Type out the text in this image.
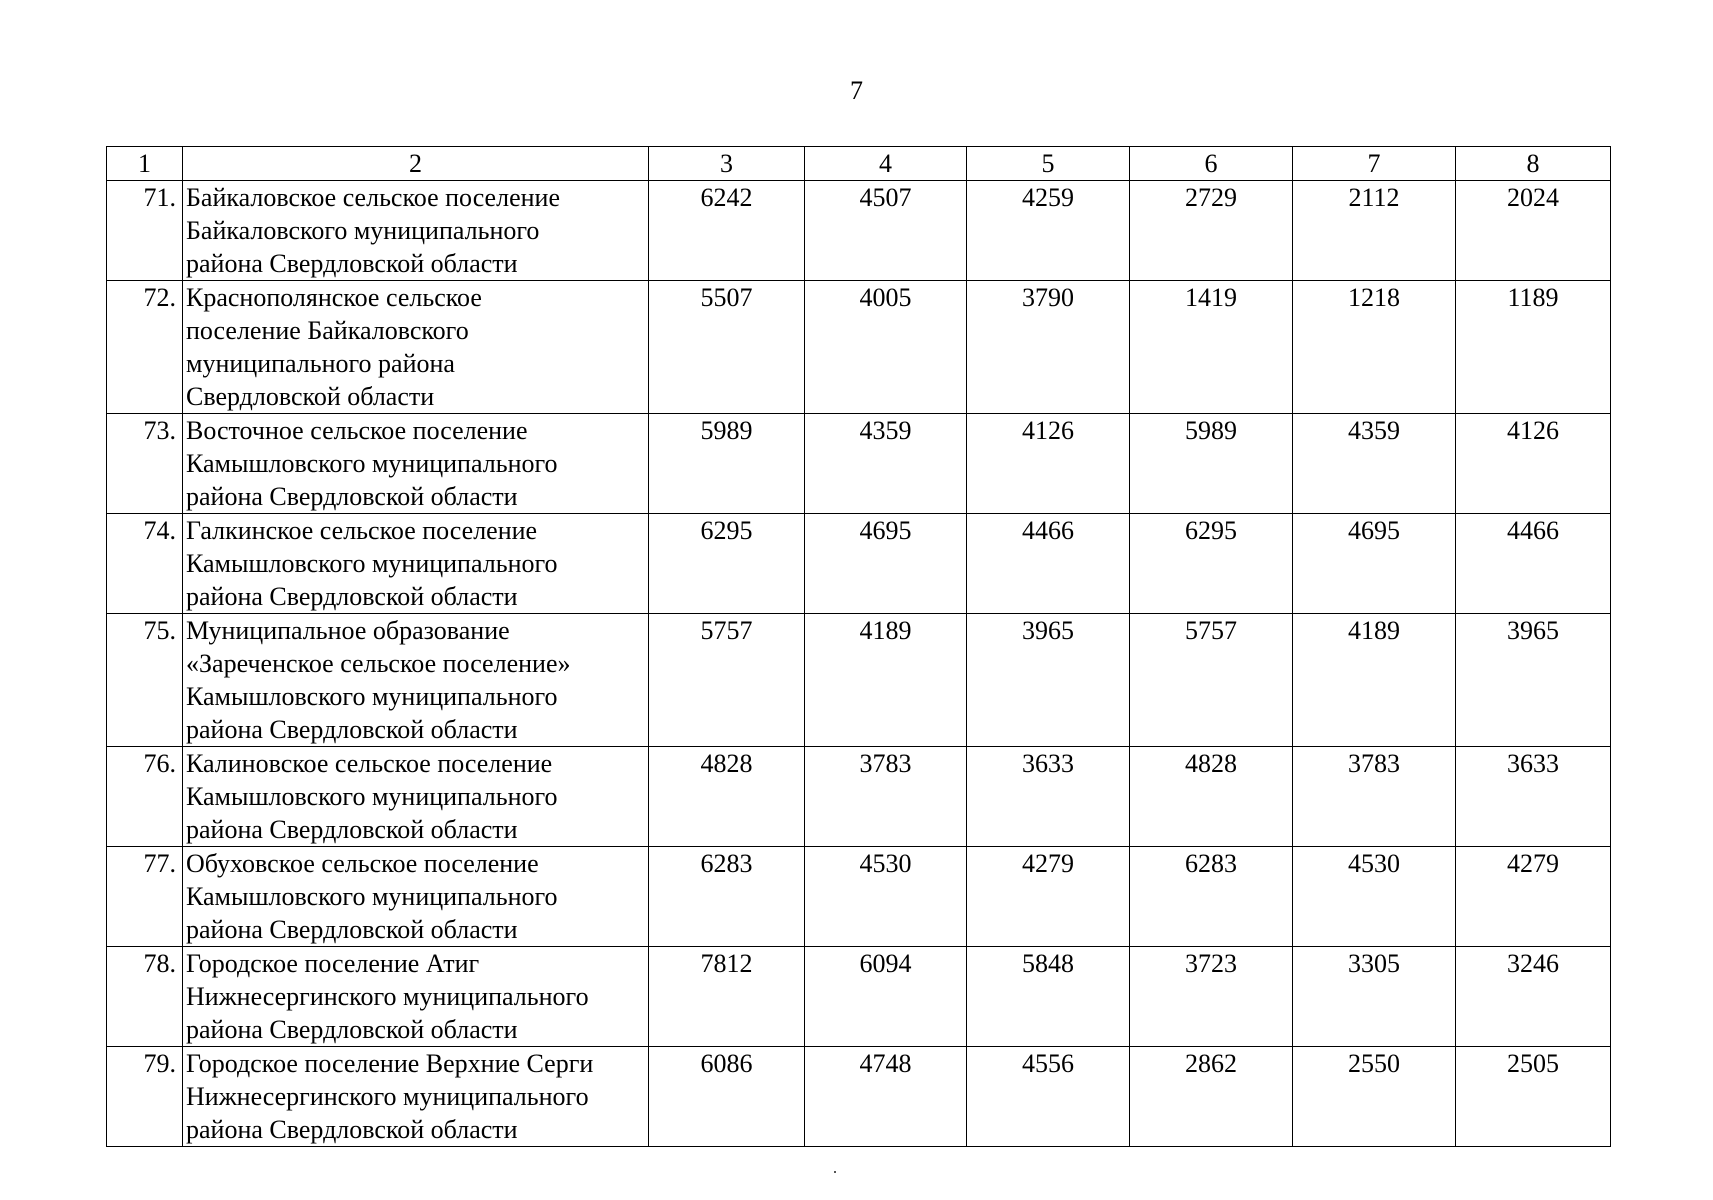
7
1	2	3	4	5	6	7	8
71.	Байкаловское сельское поселение
Байкаловского муниципального
района Свердловской области	6242	4507	4259	2729	2112	2024
72.	Краснополянское сельское
поселение Байкаловского
муниципального района
Свердловской области	5507	4005	3790	1419	1218	1189
73.	Восточное сельское поселение
Камышловского муниципального
района Свердловской области	5989	4359	4126	5989	4359	4126
74.	Галкинское сельское поселение
Камышловского муниципального
района Свердловской области	6295	4695	4466	6295	4695	4466
75.	Муниципальное образование
«Зареченское сельское поселение»
Камышловского муниципального
района Свердловской области	5757	4189	3965	5757	4189	3965
76.	Калиновское сельское поселение
Камышловского муниципального
района Свердловской области	4828	3783	3633	4828	3783	3633
77.	Обуховское сельское поселение
Камышловского муниципального
района Свердловской области	6283	4530	4279	6283	4530	4279
78.	Городское поселение Атиг
Нижнесергинского муниципального
района Свердловской области	7812	6094	5848	3723	3305	3246
79.	Городское поселение Верхние Серги
Нижнесергинского муниципального
района Свердловской области	6086	4748	4556	2862	2550	2505
